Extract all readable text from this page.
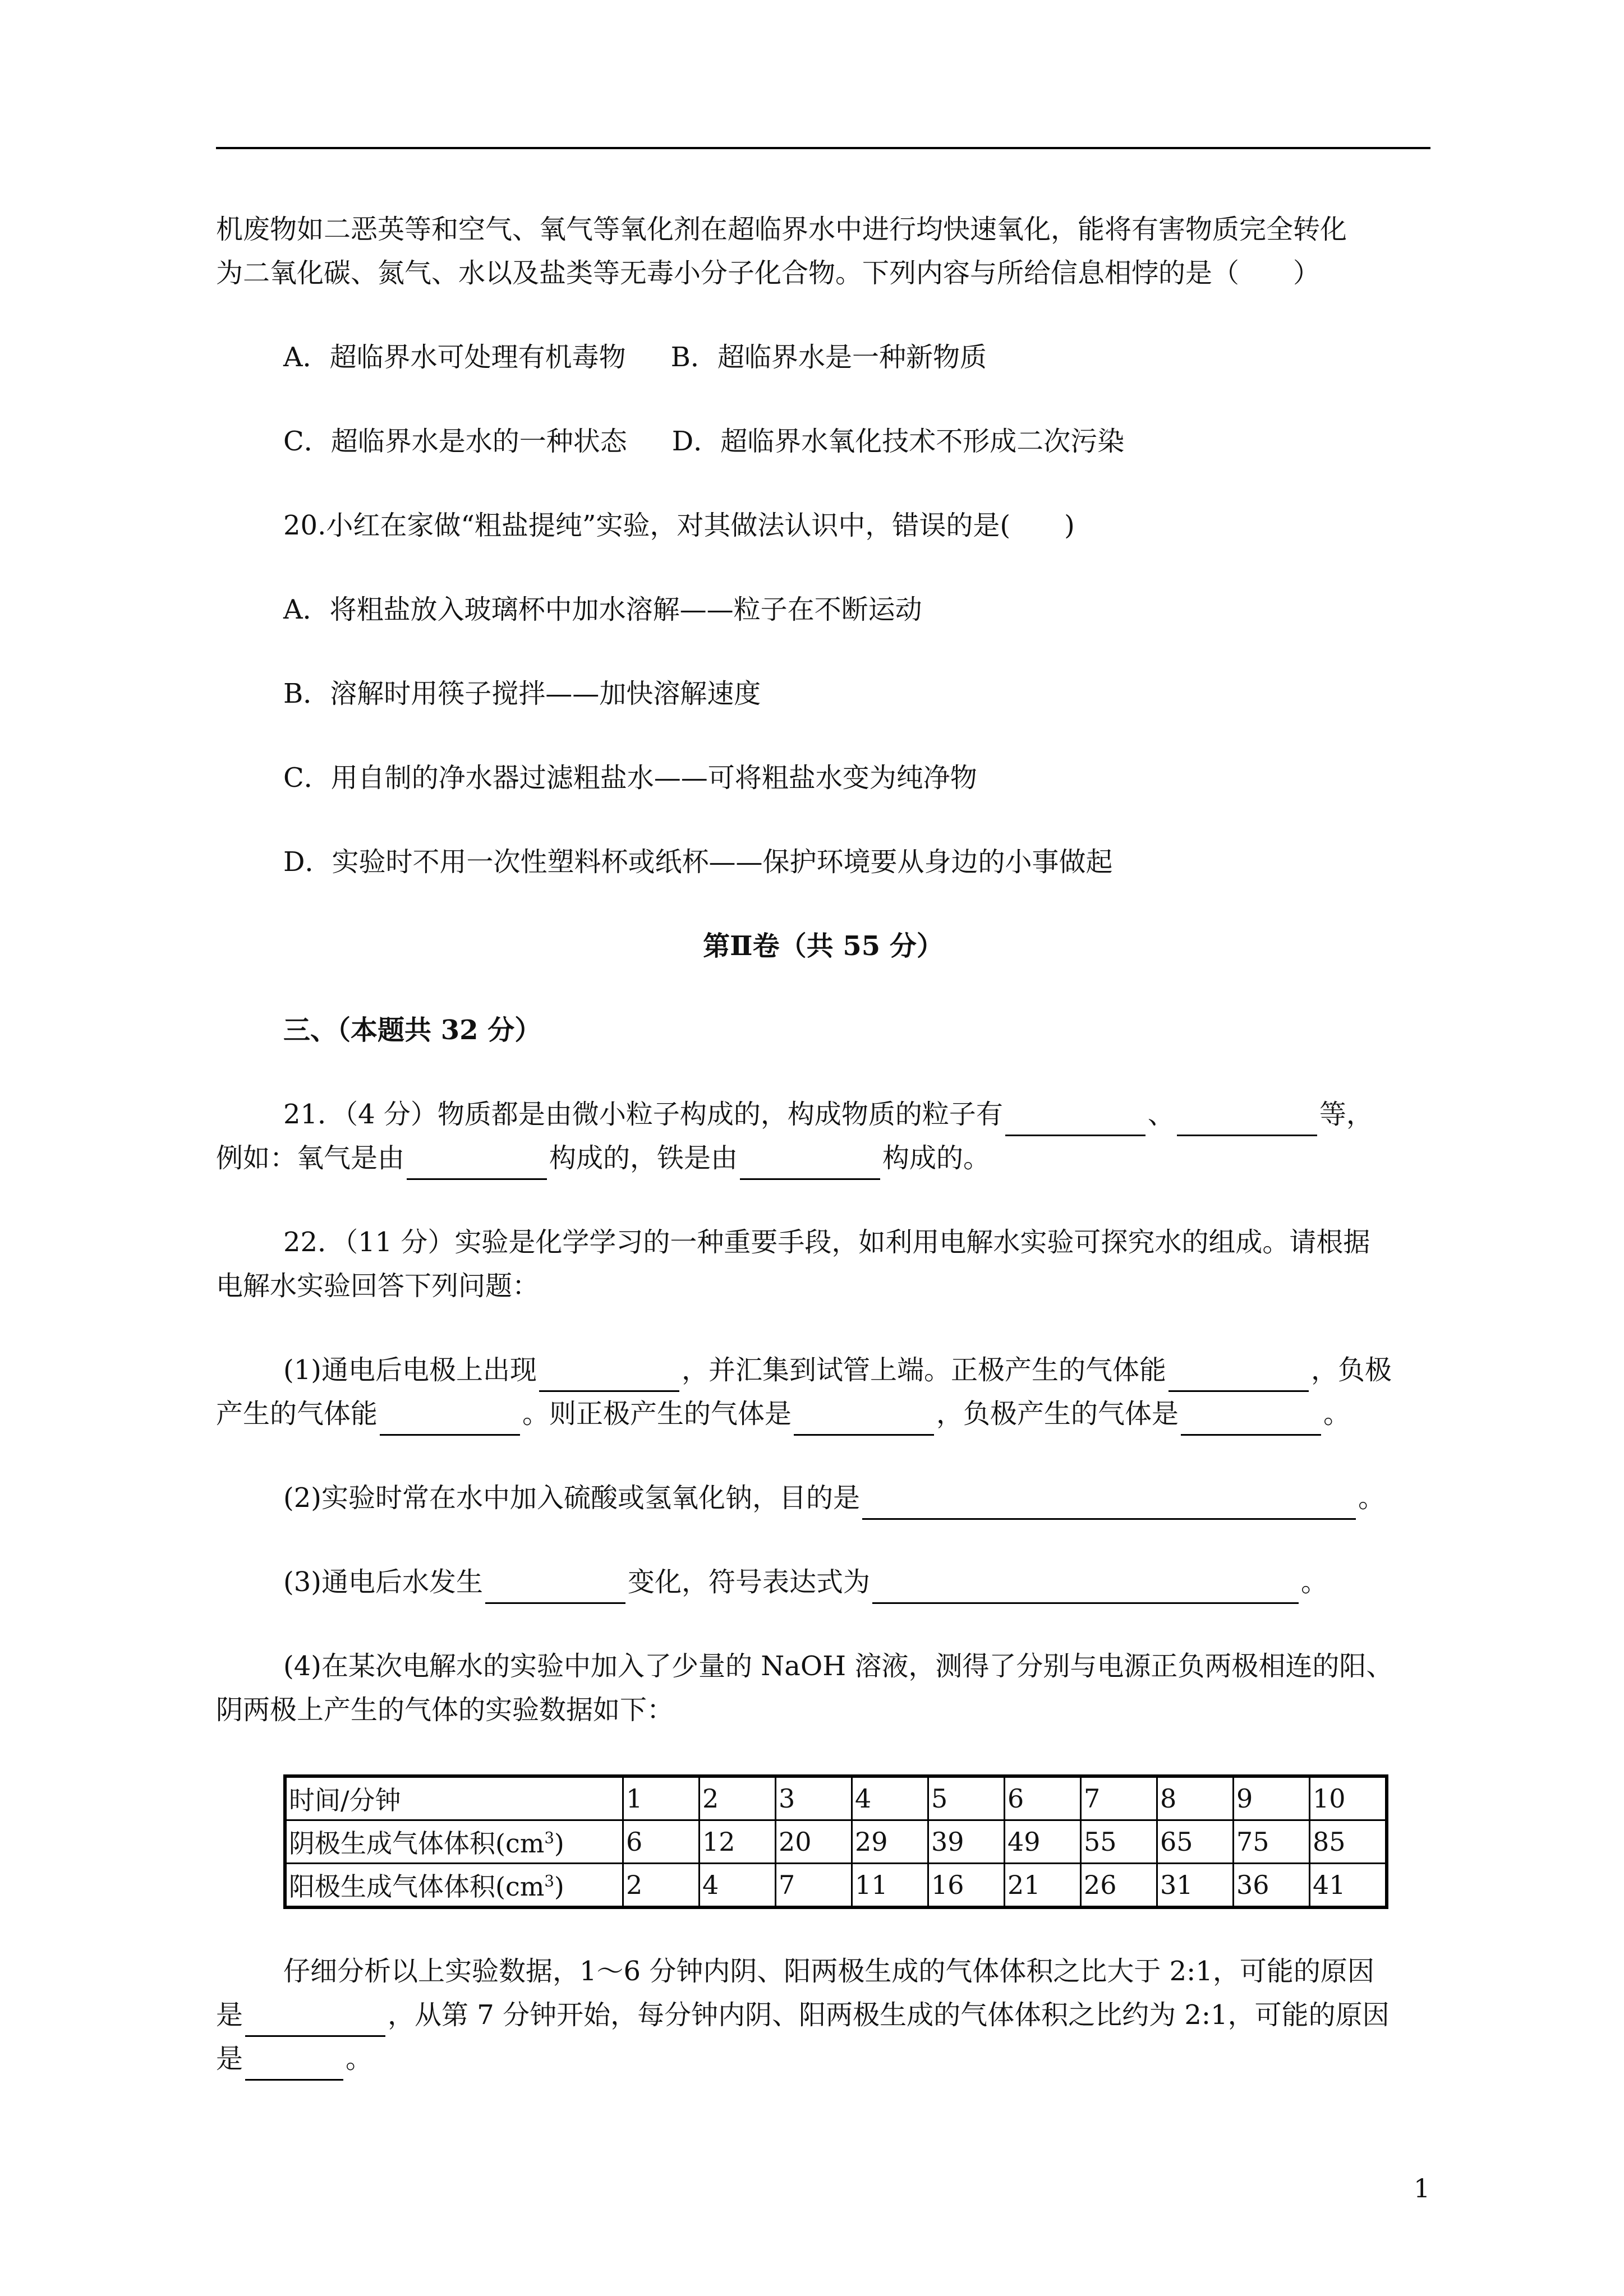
机废物如二恶英等和空气、氧气等氧化剂在超临界水中进行均快速氧化，能将有害物质完全转化

为二氧化碳、氮气、水以及盐类等无毒小分子化合物。下列内容与所给信息相悖的是（　　）

A．超临界水可处理有机毒物 B．超临界水是一种新物质

C．超临界水是水的一种状态 D．超临界水氧化技术不形成二次污染

20.小红在家做“粗盐提纯”实验，对其做法认识中，错误的是(　　)

A．将粗盐放入玻璃杯中加水溶解——粒子在不断运动

B．溶解时用筷子搅拌——加快溶解速度

C．用自制的净水器过滤粗盐水——可将粗盐水变为纯净物

D．实验时不用一次性塑料杯或纸杯——保护环境要从身边的小事做起

第Ⅱ卷（共 55 分）

三、（本题共 32 分）

21．（4 分）物质都是由微小粒子构成的，构成物质的粒子有	、	等，

例如：氧气是由	构成的，铁是由	构成的。

22．（11 分）实验是化学学习的一种重要手段，如利用电解水实验可探究水的组成。请根据

电解水实验回答下列问题：

(1)通电后电极上出现	，并汇集到试管上端。正极产生的气体能	，负极

产生的气体能	。则正极产生的气体是	，负极产生的气体是	。

(2)实验时常在水中加入硫酸或氢氧化钠，目的是	。

(3)通电后水发生	变化，符号表达式为	。

(4)在某次电解水的实验中加入了少量的 NaOH 溶液，测得了分别与电源正负两极相连的阳、

阴两极上产生的气体的实验数据如下：

时间/分钟	1	2	3	4	5	6	7	8	9	10
阴极生成气体体积$(cm^3)$	6	12	20	29	39	49	55	65	75	85
阳极生成气体体积$(cm^3)$	2	4	7	11	16	21	26	31	36	41

仔细分析以上实验数据，1～6 分钟内阴、阳两极生成的气体体积之比大于 2:1，可能的原因

是	，从第 7 分钟开始，每分钟内阴、阳两极生成的气体体积之比约为 2:1，可能的原因

是	。

1
